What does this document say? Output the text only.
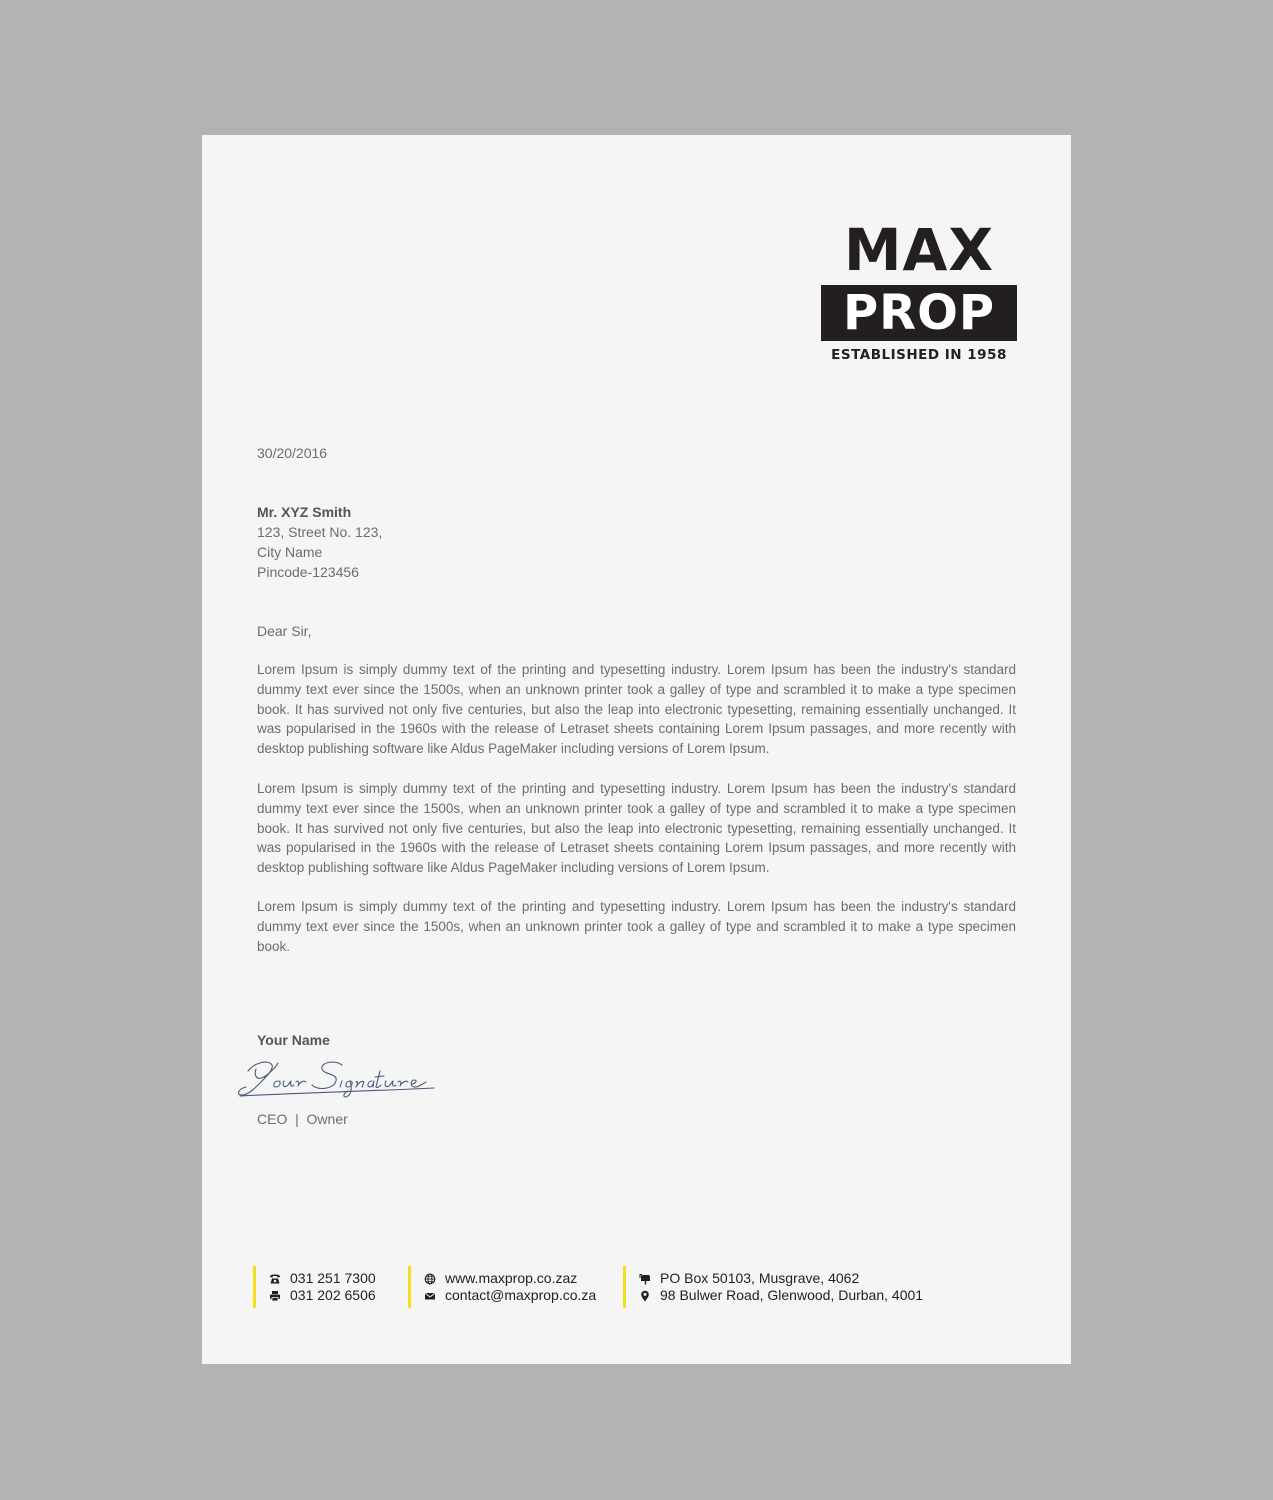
MAX
PROP
ESTABLISHED IN 1958
30/20/2016
Mr. XYZ Smith
123, Street No. 123,
City Name
Pincode-123456
Dear Sir,
Lorem Ipsum is simply dummy text of the printing and typesetting industry. Lorem Ipsum has been the industry's standard dummy text ever since the 1500s, when an unknown printer took a galley of type and scrambled it to make a type specimen book. It has survived not only five centuries, but also the leap into electronic typesetting, remaining essentially unchanged. It was popularised in the 1960s with the release of Letraset sheets containing Lorem Ipsum passages, and more recently with desktop publishing software like Aldus PageMaker including versions of Lorem Ipsum.
Lorem Ipsum is simply dummy text of the printing and typesetting industry. Lorem Ipsum has been the industry's standard dummy text ever since the 1500s, when an unknown printer took a galley of type and scrambled it to make a type specimen book. It has survived not only five centuries, but also the leap into electronic typesetting, remaining essentially unchanged. It was popularised in the 1960s with the release of Letraset sheets containing Lorem Ipsum passages, and more recently with desktop publishing software like Aldus PageMaker including versions of Lorem Ipsum.
Lorem Ipsum is simply dummy text of the printing and typesetting industry. Lorem Ipsum has been the industry's standard dummy text ever since the 1500s, when an unknown printer took a galley of type and scrambled it to make a type specimen book.
Your Name
CEO  |  Owner
031 251 7300
031 202 6506
www.maxprop.co.zaz
contact@maxprop.co.za
PO Box 50103, Musgrave, 4062
98 Bulwer Road, Glenwood, Durban, 4001
